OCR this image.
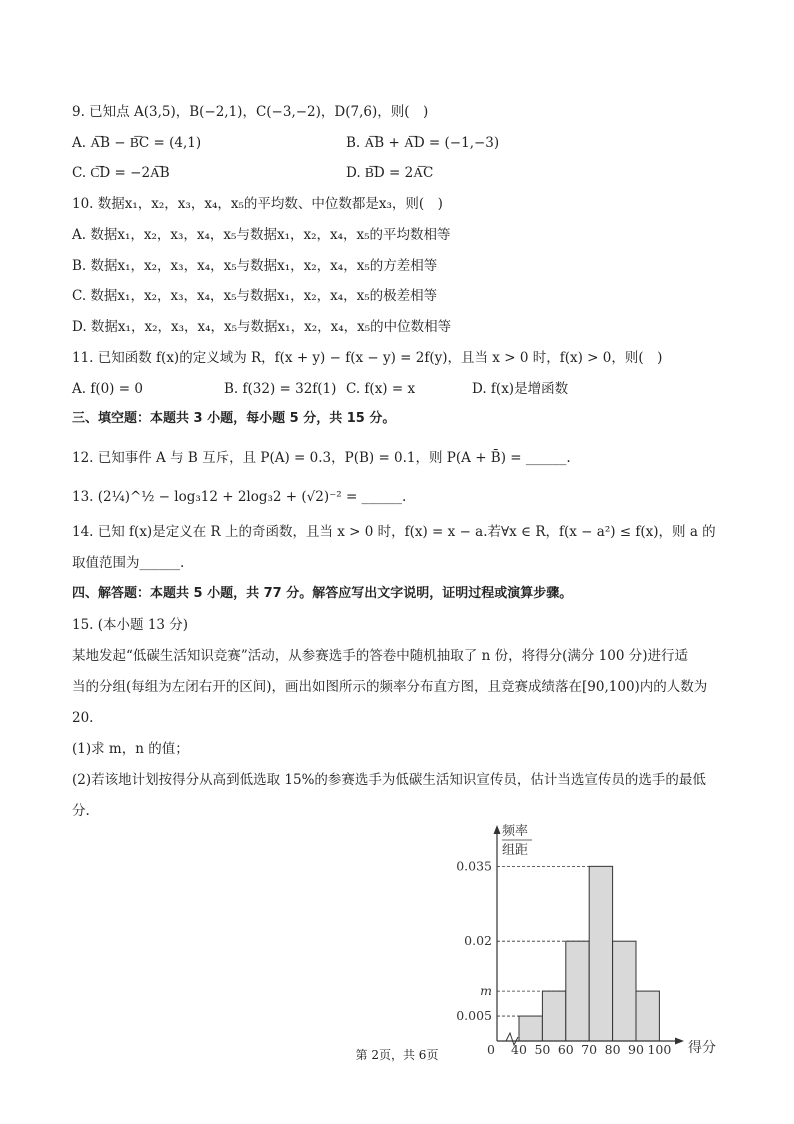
9. 已知点 A(3,5)，B(−2,1)，C(−3,−2)，D(7,6)，则(　)
A. A͞B − B͞C = (4,1)	B. A͞B + A͞D = (−1,−3)
C. C͞D = −2A͞B	D. B͞D = 2A͞C
10. 数据x₁，x₂，x₃，x₄，x₅的平均数、中位数都是x₃，则(　)
A. 数据x₁，x₂，x₃，x₄，x₅与数据x₁，x₂，x₄，x₅的平均数相等
B. 数据x₁，x₂，x₃，x₄，x₅与数据x₁，x₂，x₄，x₅的方差相等
C. 数据x₁，x₂，x₃，x₄，x₅与数据x₁，x₂，x₄，x₅的极差相等
D. 数据x₁，x₂，x₃，x₄，x₅与数据x₁，x₂，x₄，x₅的中位数相等
11. 已知函数 f(x)的定义域为 R，f(x + y) − f(x − y) = 2f(y)，且当 x > 0 时，f(x) > 0，则(　)
A. f(0) = 0	B. f(32) = 32f(1) C. f(x) = x	D. f(x)是增函数
三、填空题：本题共 3 小题，每小题 5 分，共 15 分。
12. 已知事件 A 与 B 互斥，且 P(A) = 0.3，P(B) = 0.1，则 P(A + B̄) = ______.
13. (2¼)^½ − log₃12 + 2log₃2 + (√2)⁻² = ______.
14. 已知 f(x)是定义在 R 上的奇函数，且当 x > 0 时，f(x) = x − a.若∀x ∈ R，f(x − a²) ≤ f(x)，则 a 的
取值范围为______.
四、解答题：本题共 5 小题，共 77 分。解答应写出文字说明，证明过程或演算步骤。
15. (本小题 13 分)
某地发起“低碳生活知识竞赛”活动，从参赛选手的答卷中随机抽取了 n 份，将得分(满分 100 分)进行适
当的分组(每组为左闭右开的区间)，画出如图所示的频率分布直方图，且竞赛成绩落在[90,100)内的人数为
20.
(1)求 m，n 的值；
(2)若该地计划按得分从高到低选取 15%的参赛选手为低碳生活知识宣传员，估计当选宣传员的选手的最低
分.
频率
组距
得分
0
0.035
0.02
m
0.005
40 50 60 70 80 90 100
第 2页，共 6页
